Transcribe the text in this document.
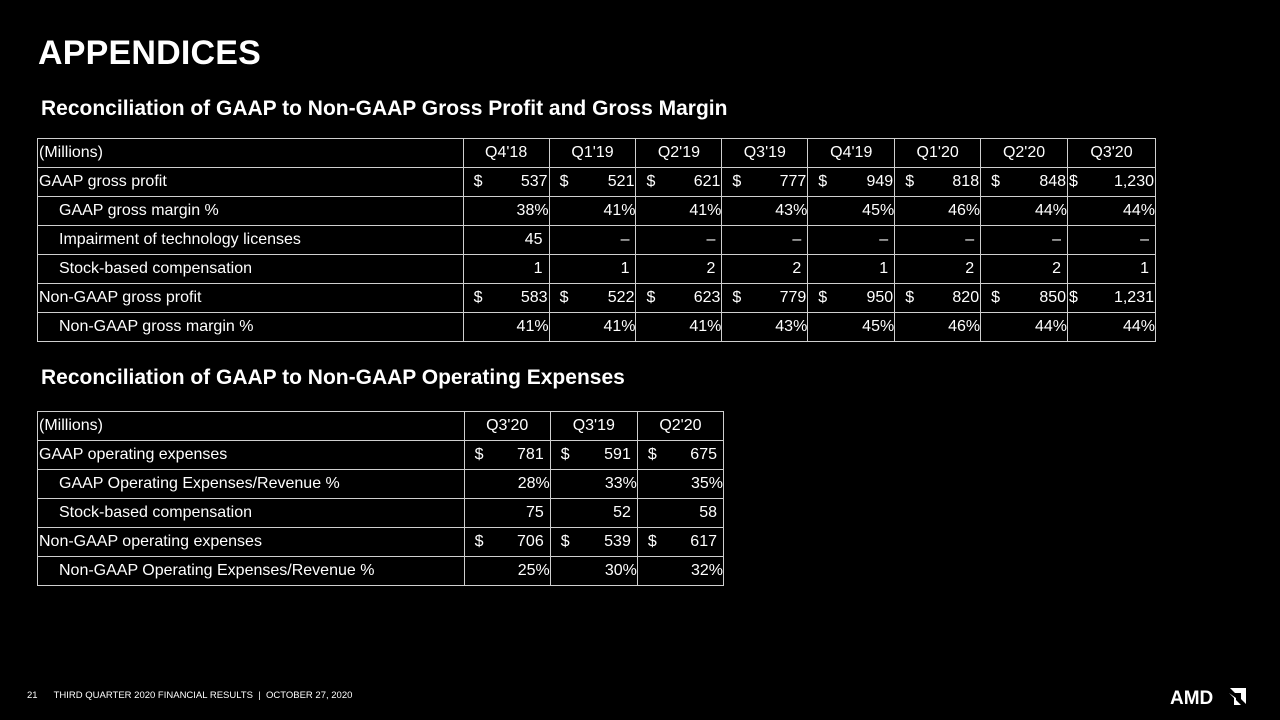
APPENDICES
Reconciliation of GAAP to Non-GAAP Gross Profit and Gross Margin
(Millions)	Q4'18	Q1'19	Q2'19	Q3'19	Q4'19	Q1'20	Q2'20	Q3'20
GAAP gross profit	$ 537	$ 521	$ 621	$ 777	$ 949	$ 818	$ 848	$ 1,230
GAAP gross margin %	38%	41%	41%	43%	45%	46%	44%	44%
Impairment of technology licenses	45	–	–	–	–	–	–	–
Stock-based compensation	1	1	2	2	1	2	2	1
Non-GAAP gross profit	$ 583	$ 522	$ 623	$ 779	$ 950	$ 820	$ 850	$ 1,231
Non-GAAP gross margin %	41%	41%	41%	43%	45%	46%	44%	44%
Reconciliation of GAAP to Non-GAAP Operating Expenses
(Millions)	Q3'20	Q3'19	Q2'20
GAAP operating expenses	$ 781	$ 591	$ 675
GAAP Operating Expenses/Revenue %	28%	33%	35%
Stock-based compensation	75	52	58
Non-GAAP operating expenses	$ 706	$ 539	$ 617
Non-GAAP Operating Expenses/Revenue %	25%	30%	32%
21 THIRD QUARTER 2020 FINANCIAL RESULTS  |  OCTOBER 27, 2020	AMD
